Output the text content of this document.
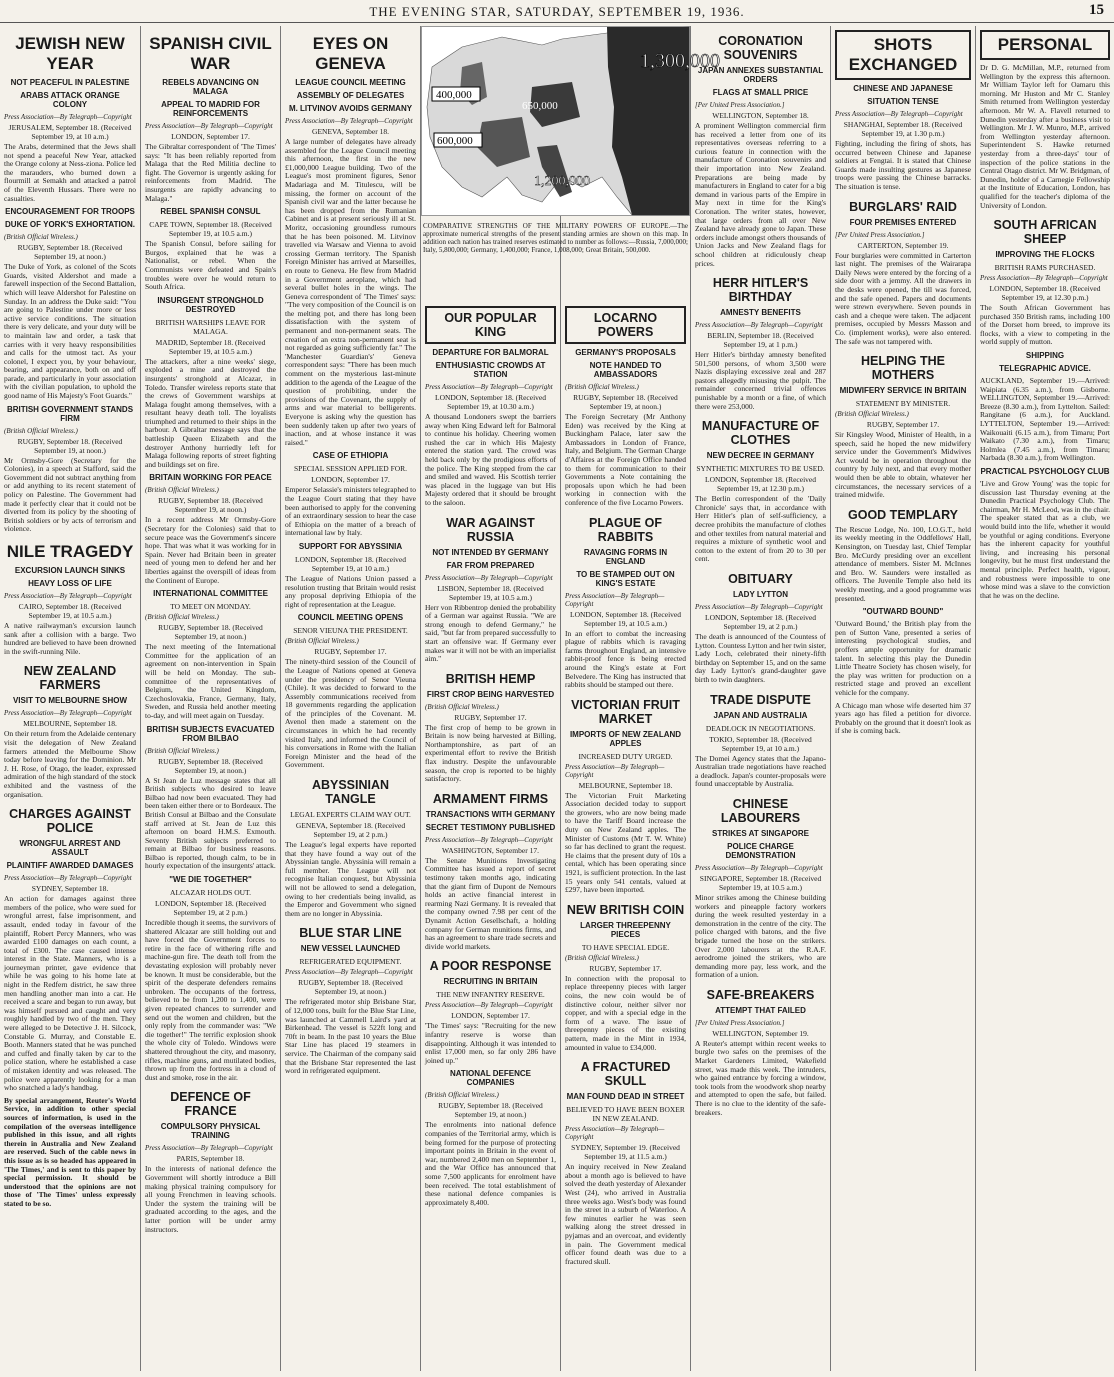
THE EVENING STAR, SATURDAY, SEPTEMBER 19, 1936.	15
JEWISH NEW YEAR
NOT PEACEFUL IN PALESTINE
ARABS ATTACK ORANGE COLONY
Press Association—By Telegraph—Copyright
JERUSALEM, September 18. (Received September 19, at 10 a.m.)
The Arabs, determined that the Jews shall not spend a peaceful New Year, attacked the Orange colony at Ness-ziona. Police led the marauders, who burned down a flourmill at Semakh and attacked a patrol of the Eleventh Hussars. There were no casualties.
ENCOURAGEMENT FOR TROOPS
DUKE OF YORK'S EXHORTATION.
(British Official Wireless.)
RUGBY, September 18. (Received September 19, at noon.)
The Duke of York, as colonel of the Scots Guards, visited Aldershot and made a farewell inspection of the Second Battalion, which will leave Aldershot for Palestine on Sunday. In an address the Duke said: "You are going to Palestine under more or less active service conditions. The situation there is very delicate, and your duty will be to maintain law and order, a task that carries with it very heavy responsibilities and calls for the utmost tact. As your colonel, I expect you, by your behaviour, bearing, and appearance, both on and off parade, and particularly in your association with the civilian population, to uphold the good name of His Majesty's Foot Guards."
BRITISH GOVERNMENT STANDS FIRM
(British Official Wireless.)
RUGBY, September 18. (Received September 19, at noon.)
Mr Ormsby-Gore (Secretary for the Colonies), in a speech at Stafford, said the Government did not subtract anything from or add anything to its recent statement of policy on Palestine. The Government had made it perfectly clear that it could not be diverted from its policy by the shooting of British soldiers or by acts of terrorism and violence.
NILE TRAGEDY
EXCURSION LAUNCH SINKS
HEAVY LOSS OF LIFE
Press Association—By Telegraph—Copyright
CAIRO, September 18. (Received September 19, at 10.5 a.m.)
A native railwayman's excursion launch sank after a collision with a barge. Two hundred are believed to have been drowned in the swift-running Nile.
NEW ZEALAND FARMERS
VISIT TO MELBOURNE SHOW
Press Association—By Telegraph—Copyright
MELBOURNE, September 18.
On their return from the Adelaide centenary visit the delegation of New Zealand farmers attended the Melbourne Show today before leaving for the Dominion. Mr J. H. Rose, of Otago, the leader, expressed admiration of the high standard of the stock exhibited and the vastness of the organisation.
CHARGES AGAINST POLICE
WRONGFUL ARREST AND ASSAULT
PLAINTIFF AWARDED DAMAGES
Press Association—By Telegraph—Copyright
SYDNEY, September 18.
An action for damages against three members of the police, who were sued for wrongful arrest, false imprisonment, and assault, ended today in favour of the plaintiff, Robert Percy Manners, who was awarded £100 damages on each count, a total of £300. The case caused intense interest in the State. Manners, who is a journeyman printer, gave evidence that while he was going to his home late at night in the Redfern district, he saw three men handling another man into a car. He received a scare and began to run away, but was himself pursued and caught and very roughly handled by two of the men. They were alleged to be Detective J. H. Silcock, Constable G. Murray, and Constable E. Booth. Manners stated that he was punched and cuffed and finally taken by car to the police station, where he established a case of mistaken identity and was released. The police were apparently looking for a man who snatched a lady's handbag.
By special arrangement, Reuter's World Service, in addition to other special sources of information, is used in the compilation of the overseas intelligence published in this issue, and all rights therein in Australia and New Zealand are reserved. Such of the cable news in this issue as is so headed has appeared in 'The Times,' and is sent to this paper by special permission. It should be understood that the opinions are not those of 'The Times' unless expressly stated to be so.
SPANISH CIVIL WAR
REBELS ADVANCING ON MALAGA
APPEAL TO MADRID FOR REINFORCEMENTS
Press Association—By Telegraph—Copyright
LONDON, September 17.
The Gibraltar correspondent of 'The Times' says: "It has been reliably reported from Malaga that the Red Militia decline to fight. The Governor is urgently asking for reinforcements from Madrid. The insurgents are rapidly advancing to Malaga."
REBEL SPANISH CONSUL
CAPE TOWN, September 18. (Received September 19, at 10.5 a.m.)
The Spanish Consul, before sailing for Burgos, explained that he was a Nationalist, or rebel. When the Communists were defeated and Spain's troubles were over he would return to South Africa.
INSURGENT STRONGHOLD DESTROYED
BRITISH WARSHIPS LEAVE FOR MALAGA.
MADRID, September 18. (Received September 19, at 10.5 a.m.)
The attackers, after a nine weeks' siege, exploded a mine and destroyed the insurgents' stronghold at Alcazar, in Toledo. Transfer wireless reports state that the crews of Government warships at Malaga fought among themselves, with a resultant heavy death toll. The loyalists triumphed and returned to their ships in the harbour. A Gibraltar message says that the battleship Queen Elizabeth and the destroyer Anthony hurriedly left for Malaga following reports of street fighting and buildings set on fire.
BRITAIN WORKING FOR PEACE
(British Official Wireless.)
RUGBY, September 18. (Received September 19, at noon.)
In a recent address Mr Ormsby-Gore (Secretary for the Colonies) said that to secure peace was the Government's sincere hope. That was what it was working for in Spain. Never had Britain been in greater need of young men to defend her and her liberties against the overspill of ideas from the Continent of Europe.
INTERNATIONAL COMMITTEE
TO MEET ON MONDAY.
(British Official Wireless.)
RUGBY, September 18. (Received September 19, at noon.)
The next meeting of the International Committee for the application of an agreement on non-intervention in Spain will be held on Monday. The sub-committee of the representatives of Belgium, the United Kingdom, Czechoslovakia, France, Germany, Italy, Sweden, and Russia held another meeting to-day, and will meet again on Tuesday.
BRITISH SUBJECTS EVACUATED FROM BILBAO
(British Official Wireless.)
RUGBY, September 18. (Received September 19, at noon.)
A St Jean de Luz message states that all British subjects who desired to leave Bilbao had now been evacuated. They had been taken either there or to Bordeaux. The British Consul at Bilbao and the Consulate staff arrived at St. Jean de Luz this afternoon on board H.M.S. Exmouth. Seventy British subjects preferred to remain at Bilbao for business reasons. Bilbao is reported, though calm, to be in hourly expectation of the insurgents' attack.
"WE DIE TOGETHER"
ALCAZAR HOLDS OUT.
LONDON, September 18. (Received September 19, at 2 p.m.)
Incredible though it seems, the survivors of shattered Alcazar are still holding out and have forced the Government forces to retire in the face of withering rifle and machine-gun fire. The death toll from the devastating explosion will probably never be known. It must be considerable, but the spirit of the desperate defenders remains unbroken. The occupants of the fortress, believed to be from 1,200 to 1,400, were given repeated chances to surrender and send out the women and children, but the only reply from the commander was: "We die together!" The terrific explosion shook the whole city of Toledo. Windows were shattered throughout the city, and masonry, rifles, machine guns, and mutilated bodies, thrown up from the fortress in a cloud of dust and smoke, rose in the air.
DEFENCE OF FRANCE
COMPULSORY PHYSICAL TRAINING
Press Association—By Telegraph—Copyright
PARIS, September 18.
In the interests of national defence the Government will shortly introduce a Bill making physical training compulsory for all young Frenchmen in leaving schools. Under the system the training will be graduated according to the ages, and the latter portion will be under army instructors.
EYES ON GENEVA
LEAGUE COUNCIL MEETING
ASSEMBLY OF DELEGATES
M. LITVINOV AVOIDS GERMANY
Press Association—By Telegraph—Copyright
GENEVA, September 18.
A large number of delegates have already assembled for the League Council meeting this afternoon, the first in the new £1,000,000 League building. Two of the League's most prominent figures, Senor Madariaga and M. Titulescu, will be missing, the former on account of the Spanish civil war and the latter because he has been dropped from the Rumanian Cabinet and is at present seriously ill at St. Moritz, occasioning groundless rumours that he has been poisoned. M. Litvinov travelled via Warsaw and Vienna to avoid crossing German territory. The Spanish Foreign Minister has arrived at Marseilles, en route to Geneva. He flew from Madrid in a Government aeroplane, which had several bullet holes in the wings. The Geneva correspondent of 'The Times' says: "The very composition of the Council is on the melting pot, and there has long been dissatisfaction with the system of permanent and non-permanent seats. The creation of an extra non-permanent seat is not regarded as going sufficiently far." The 'Manchester Guardian's' Geneva correspondent says: "There has been much comment on the mysterious last-minute addition to the agenda of the League of the question of prohibiting, under the provisions of the Covenant, the supply of arms and war material to belligerents. Everyone is asking why the question has been suddenly taken up after two years of inaction, and at whose instance it was raised."
CASE OF ETHIOPIA
SPECIAL SESSION APPLIED FOR.
LONDON, September 17.
Emperor Selassie's ministers telegraphed to the League Court stating that they have been authorised to apply for the convening of an extraordinary session to hear the case of Ethiopia on the matter of a breach of international law by Italy.
SUPPORT FOR ABYSSINIA
LONDON, September 18. (Received September 19, at 10 a.m.)
The League of Nations Union passed a resolution trusting that Britain would resist any proposal depriving Ethiopia of the right of representation at the League.
COUNCIL MEETING OPENS
SENOR VIEUNA THE PRESIDENT.
(British Official Wireless.)
RUGBY, September 17.
The ninety-third session of the Council of the League of Nations opened at Geneva under the presidency of Senor Vieuna (Chile). It was decided to forward to the Assembly communications received from 18 governments regarding the application of the principles of the Covenant. M. Avenol then made a statement on the circumstances in which he had recently visited Italy, and informed the Council of his conversations in Rome with the Italian Foreign Minister and the head of the Government.
ABYSSINIAN TANGLE
LEGAL EXPERTS CLAIM WAY OUT.
GENEVA, September 18. (Received September 19, at 2 p.m.)
The League's legal experts have reported that they have found a way out of the Abyssinian tangle. Abyssinia will remain a full member. The League will not recognise Italian conquest, but Abyssinia will not be allowed to send a delegation, owing to her credentials being invalid, as the Emperor and Government who signed them are no longer in Abyssinia.
BLUE STAR LINE
NEW VESSEL LAUNCHED
REFRIGERATED EQUIPMENT.
Press Association—By Telegraph—Copyright
RUGBY, September 18. (Received September 19, at noon.)
The refrigerated motor ship Brisbane Star, of 12,000 tons, built for the Blue Star Line, was launched at Cammell Laird's yard at Birkenhead. The vessel is 522ft long and 70ft in beam. In the past 10 years the Blue Star Line has placed 19 steamers in service. The Chairman of the company said that the Brisbane Star represented the last word in refrigerated equipment.
1,300,000
400,000
650,000
600,000
1,200,000
COMPARATIVE STRENGTHS OF THE MILITARY POWERS OF EUROPE.—The approximate numerical strengths of the present standing armies are shown on this map. In addition each nation has trained reserves estimated to number as follows:—Russia, 7,000,000; Italy, 5,800,000; Germany, 1,400,000; France, 1,008,000; Great Britain, 500,000.
OUR POPULAR KING
DEPARTURE FOR BALMORAL
ENTHUSIASTIC CROWDS AT STATION
Press Association—By Telegraph—Copyright
LONDON, September 18. (Received September 19, at 10.30 a.m.)
A thousand Londoners swept the barriers away when King Edward left for Balmoral to continue his holiday. Cheering women rushed the car in which His Majesty entered the station yard. The crowd was held back only by the prodigious efforts of the police. The King stepped from the car and smiled and waved. His Scottish terrier was placed in the luggage van but His Majesty ordered that it should be brought to the saloon.
WAR AGAINST RUSSIA
NOT INTENDED BY GERMANY
FAR FROM PREPARED
Press Association—By Telegraph—Copyright
LISBON, September 18. (Received September 19, at 10.5 a.m.)
Herr von Ribbentrop denied the probability of a German war against Russia. "We are strong enough to defend Germany," he said, "but far from prepared successfully to start an offensive war. If Germany ever makes war it will not be with an imperialist aim."
BRITISH HEMP
FIRST CROP BEING HARVESTED
(British Official Wireless.)
RUGBY, September 17.
The first crop of hemp to be grown in Britain is now being harvested at Billing, Northamptonshire, as part of an experimental effort to revive the British flax industry. Despite the unfavourable season, the crop is reported to be highly satisfactory.
ARMAMENT FIRMS
TRANSACTIONS WITH GERMANY
SECRET TESTIMONY PUBLISHED
Press Association—By Telegraph—Copyright
WASHINGTON, September 17.
The Senate Munitions Investigating Committee has issued a report of secret testimony taken months ago, indicating that the giant firm of Dupont de Nemours holds an active financial interest in rearming Nazi Germany. It is revealed that the company owned 7.98 per cent of the Dynamit Action Gesellschaft, a holding company for German munitions firms, and has an agreement to share trade secrets and divide world markets.
A POOR RESPONSE
RECRUITING IN BRITAIN
THE NEW INFANTRY RESERVE.
Press Association—By Telegraph—Copyright
LONDON, September 17.
'The Times' says: "Recruiting for the new infantry reserve is worse than disappointing. Although it was intended to enlist 17,000 men, so far only 286 have joined up."
NATIONAL DEFENCE COMPANIES
(British Official Wireless.)
RUGBY, September 18. (Received September 19, at noon.)
The enrolments into national defence companies of the Territorial army, which is being formed for the purpose of protecting important points in Britain in the event of war, numbered 2,400 men on September 1, and the War Office has announced that some 7,500 applicants for enrolment have been received. The total establishment of these national defence companies is approximately 8,400.
LOCARNO POWERS
GERMANY'S PROPOSALS
NOTE HANDED TO AMBASSADORS
(British Official Wireless.)
RUGBY, September 18. (Received September 19, at noon.)
The Foreign Secretary (Mr Anthony Eden) was received by the King at Buckingham Palace, later saw the Ambassadors in London of France, Italy, and Belgium. The German Charge d'Affaires at the Foreign Office handed to them for communication to their Governments a Note containing the proposals upon which he had been working in connection with the conference of the five Locarno Powers.
PLAGUE OF RABBITS
RAVAGING FORMS IN ENGLAND
TO BE STAMPED OUT ON KING'S ESTATE
Press Association—By Telegraph—Copyright
LONDON, September 18. (Received September 19, at 10.5 a.m.)
In an effort to combat the increasing plague of rabbits which is ravaging farms throughout England, an intensive rabbit-proof fence is being erected around the King's estate at Fort Belvedere. The King has instructed that rabbits should be stamped out there.
VICTORIAN FRUIT MARKET
IMPORTS OF NEW ZEALAND APPLES
INCREASED DUTY URGED.
Press Association—By Telegraph—Copyright
MELBOURNE, September 18.
The Victorian Fruit Marketing Association decided today to support the growers, who are now being made to have the Tariff Board increase the duty on New Zealand apples. The Minister of Customs (Mr T. W. White) so far has declined to grant the request. He claims that the present duty of 10s a cental, which has been operating since 1921, is sufficient protection. In the last 15 years only 541 centals, valued at £297, have been imported.
NEW BRITISH COIN
LARGER THREEPENNY PIECES
TO HAVE SPECIAL EDGE.
(British Official Wireless.)
RUGBY, September 17.
In connection with the proposal to replace threepenny pieces with larger coins, the new coin would be of distinctive colour, neither silver nor copper, and with a special edge in the form of a wave. The issue of threepenny pieces of the existing pattern, made in the Mint in 1934, amounted in value to £34,000.
A FRACTURED SKULL
MAN FOUND DEAD IN STREET
BELIEVED TO HAVE BEEN BOXER IN NEW ZEALAND.
Press Association—By Telegraph—Copyright
SYDNEY, September 19. (Received September 19, at 11.5 a.m.)
An inquiry received in New Zealand about a month ago is believed to have solved the death yesterday of Alexander West (24), who arrived in Australia three weeks ago. West's body was found in the street in a suburb of Waterloo. A few minutes earlier he was seen walking along the street dressed in pyjamas and an overcoat, and evidently in pain. The Government medical officer found death was due to a fractured skull.
CORONATION SOUVENIRS
JAPAN ANNEXES SUBSTANTIAL ORDERS
FLAGS AT SMALL PRICE
[Per United Press Association.]
WELLINGTON, September 18.
A prominent Wellington commercial firm has received a letter from one of its representatives overseas referring to a curious feature in connection with the manufacture of Coronation souvenirs and their importation into New Zealand. Preparations are being made by manufacturers in England to cater for a big demand in various parts of the Empire in May next in time for the King's Coronation. The writer states, however, that large orders from all over New Zealand have already gone to Japan. These orders include amongst others thousands of Union Jacks and New Zealand flags for school children at ridiculously cheap prices.
HERR HITLER'S BIRTHDAY
AMNESTY BENEFITS
Press Association—By Telegraph—Copyright
BERLIN, September 18. (Received September 19, at 1 p.m.)
Herr Hitler's birthday amnesty benefited 501,500 persons, of whom 3,500 were Nazis displaying excessive zeal and 287 pastors allegedly misusing the pulpit. The remainder concerned trivial offences punishable by a month or a fine, of which there were 253,000.
MANUFACTURE OF CLOTHES
NEW DECREE IN GERMANY
SYNTHETIC MIXTURES TO BE USED.
LONDON, September 18. (Received September 19, at 12.30 p.m.)
The Berlin correspondent of the 'Daily Chronicle' says that, in accordance with Herr Hitler's plan of self-sufficiency, a decree prohibits the manufacture of clothes and other textiles from natural material and requires a mixture of synthetic wool and cotton to the extent of from 20 to 30 per cent.
OBITUARY
LADY LYTTON
Press Association—By Telegraph—Copyright
LONDON, September 18. (Received September 19, at 2 p.m.)
The death is announced of the Countess of Lytton. Countess Lytton and her twin sister, Lady Loch, celebrated their ninety-fifth birthday on September 15, and on the same day Lady Lytton's grand-daughter gave birth to twin daughters.
TRADE DISPUTE
JAPAN AND AUSTRALIA
DEADLOCK IN NEGOTIATIONS.
TOKIO, September 18. (Received September 19, at 10 a.m.)
The Domei Agency states that the Japano-Australian trade negotiations have reached a deadlock. Japan's counter-proposals were found unacceptable by Australia.
CHINESE LABOURERS
STRIKES AT SINGAPORE
POLICE CHARGE DEMONSTRATION
Press Association—By Telegraph—Copyright
SINGAPORE, September 18. (Received September 19, at 10.5 a.m.)
Minor strikes among the Chinese building workers and pineapple factory workers during the week resulted yesterday in a demonstration in the centre of the city. The police charged with batons, and the five brigade turned the hose on the strikers. Over 2,000 labourers at the R.A.F. aerodrome joined the strikers, who are demanding more pay, less work, and the formation of a union.
SAFE-BREAKERS
ATTEMPT THAT FAILED
[Per United Press Association.]
WELLINGTON, September 19.
A Reuter's attempt within recent weeks to burgle two safes on the premises of the Market Gardeners Limited, Wakefield street, was made this week. The intruders, who gained entrance by forcing a window, took tools from the woodwork shop nearby and attempted to open the safe, but failed. There is no clue to the identity of the safe-breakers.
SHOTS EXCHANGED
CHINESE AND JAPANESE
SITUATION TENSE
Press Association—By Telegraph—Copyright
SHANGHAI, September 18. (Received September 19, at 1.30 p.m.)
Fighting, including the firing of shots, has occurred between Chinese and Japanese soldiers at Fengtai. It is stated that Chinese Guards made insulting gestures as Japanese troops were passing the Chinese barracks. The situation is tense.
BURGLARS' RAID
FOUR PREMISES ENTERED
[Per United Press Association.]
CARTERTON, September 19.
Four burglaries were committed in Carterton last night. The premises of the Wairarapa Daily News were entered by the forcing of a side door with a jemmy. All the drawers in the desks were opened, the till was forced, and the safe opened. Papers and documents were strewn everywhere. Seven pounds in cash and a cheque were taken. The adjacent premises, occupied by Messrs Masson and Co. (implement works), were also entered. The safe was not tampered with.
HELPING THE MOTHERS
MIDWIFERY SERVICE IN BRITAIN
STATEMENT BY MINISTER.
(British Official Wireless.)
RUGBY, September 17.
Sir Kingsley Wood, Minister of Health, in a speech, said he hoped the new midwifery service under the Government's Midwives Act would be in operation throughout the country by July next, and that every mother would then be able to obtain, whatever her circumstances, the necessary services of a trained midwife.
GOOD TEMPLARY
The Rescue Lodge, No. 100, I.O.G.T., held its weekly meeting in the Oddfellows' Hall, Kensington, on Tuesday last, Chief Templar Bro. McCurdy presiding over an excellent attendance of members. Sister M. McInnes and Bro. W. Saunders were installed as officers. The Juvenile Temple also held its weekly meeting, and a good programme was presented.
"OUTWARD BOUND"
'Outward Bound,' the British play from the pen of Sutton Vane, presented a series of interesting psychological studies, and proffers ample opportunity for dramatic talent. In selecting this play the Dunedin Little Theatre Society has chosen wisely, for the play was written for production on a restricted stage and proved an excellent vehicle for the company.
A Chicago man whose wife deserted him 37 years ago has filed a petition for divorce. Probably on the ground that it doesn't look as if she is coming back.
PERSONAL
Dr D. G. McMillan, M.P., returned from Wellington by the express this afternoon. Mr William Taylor left for Oamaru this morning. Mr Huston and Mr C. Stanley Smith returned from Wellington yesterday afternoon. Mr W. A. Flavell returned to Dunedin yesterday after a business visit to Wellington. Mr J. W. Munro, M.P., arrived from Wellington yesterday afternoon. Superintendent S. Hawke returned yesterday from a three-days' tour of inspection of the police stations in the Central Otago district. Mr W. Bridgman, of Dunedin, holder of a Carnegie Fellowship at the Institute of Education, London, has qualified for the teacher's diploma of the University of London.
SOUTH AFRICAN SHEEP
IMPROVING THE FLOCKS
BRITISH RAMS PURCHASED.
Press Association—By Telegraph—Copyright
LONDON, September 18. (Received September 19, at 12.30 p.m.)
The South African Government has purchased 350 British rams, including 100 of the Dorset horn breed, to improve its flocks, with a view to competing in the world supply of mutton.
SHIPPING
TELEGRAPHIC ADVICE.
AUCKLAND, September 19.—Arrived: Waipiata (6.35 a.m.), from Gisborne. WELLINGTON, September 19.—Arrived: Breeze (8.30 a.m.), from Lyttelton. Sailed: Rangitane (6 a.m.), for Auckland. LYTTELTON, September 19.—Arrived: Waikouaiti (6.15 a.m.), from Timaru; Port Waikato (7.30 a.m.), from Timaru; Holmlea (7.45 a.m.), from Timaru; Narbada (8.30 a.m.), from Wellington.
PRACTICAL PSYCHOLOGY CLUB
'Live and Grow Young' was the topic for discussion last Thursday evening at the Dunedin Practical Psychology Club. The chairman, Mr H. McLeod, was in the chair. The speaker stated that as a club, we would build into the life, whether it would be youthful or aging conditions. Everyone has the inherent capacity for youthful living, and increasing his personal longevity, but he must first understand the mental principle. Perfect health, vigour, and robustness were impossible to one whose mind was a slave to the conviction that he was on the decline.
